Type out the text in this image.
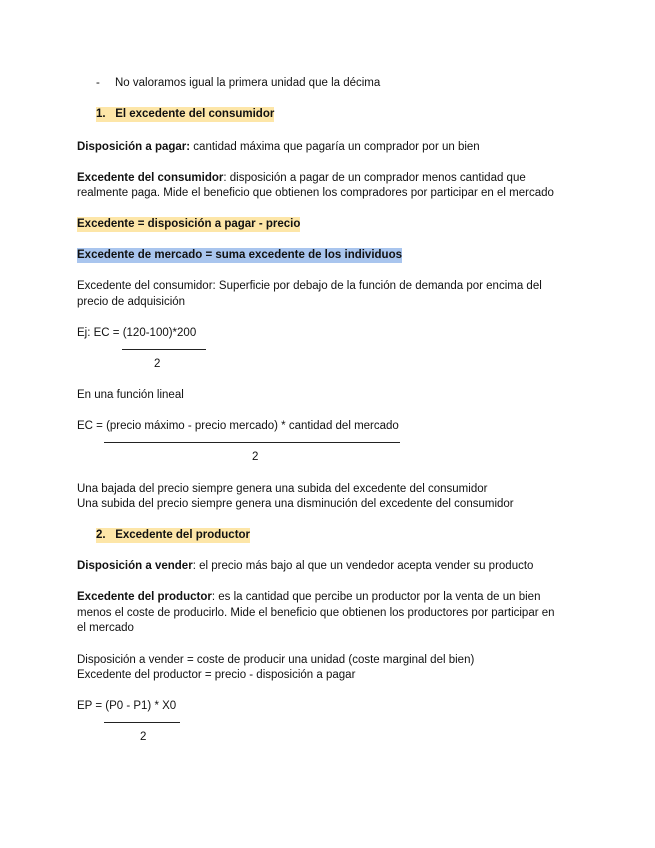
- No valoramos igual la primera unidad que la décima
1. El excedente del consumidor
Disposición a pagar: cantidad máxima que pagaría un comprador por un bien
Excedente del consumidor: disposición a pagar de un comprador menos cantidad que
realmente paga. Mide el beneficio que obtienen los compradores por participar en el mercado
Excedente = disposición a pagar - precio
Excedente de mercado = suma excedente de los individuos
Excedente del consumidor: Superficie por debajo de la función de demanda por encima del
precio de adquisición
Ej: EC = (120-100)*200
2
En una función lineal
EC = (precio máximo - precio mercado) * cantidad del mercado
2
Una bajada del precio siempre genera una subida del excedente del consumidor
Una subida del precio siempre genera una disminución del excedente del consumidor
2. Excedente del productor
Disposición a vender: el precio más bajo al que un vendedor acepta vender su producto
Excedente del productor: es la cantidad que percibe un productor por la venta de un bien
menos el coste de producirlo. Mide el beneficio que obtienen los productores por participar en
el mercado
Disposición a vender = coste de producir una unidad (coste marginal del bien)
Excedente del productor = precio - disposición a pagar
EP = (P0 - P1) * X0
2
